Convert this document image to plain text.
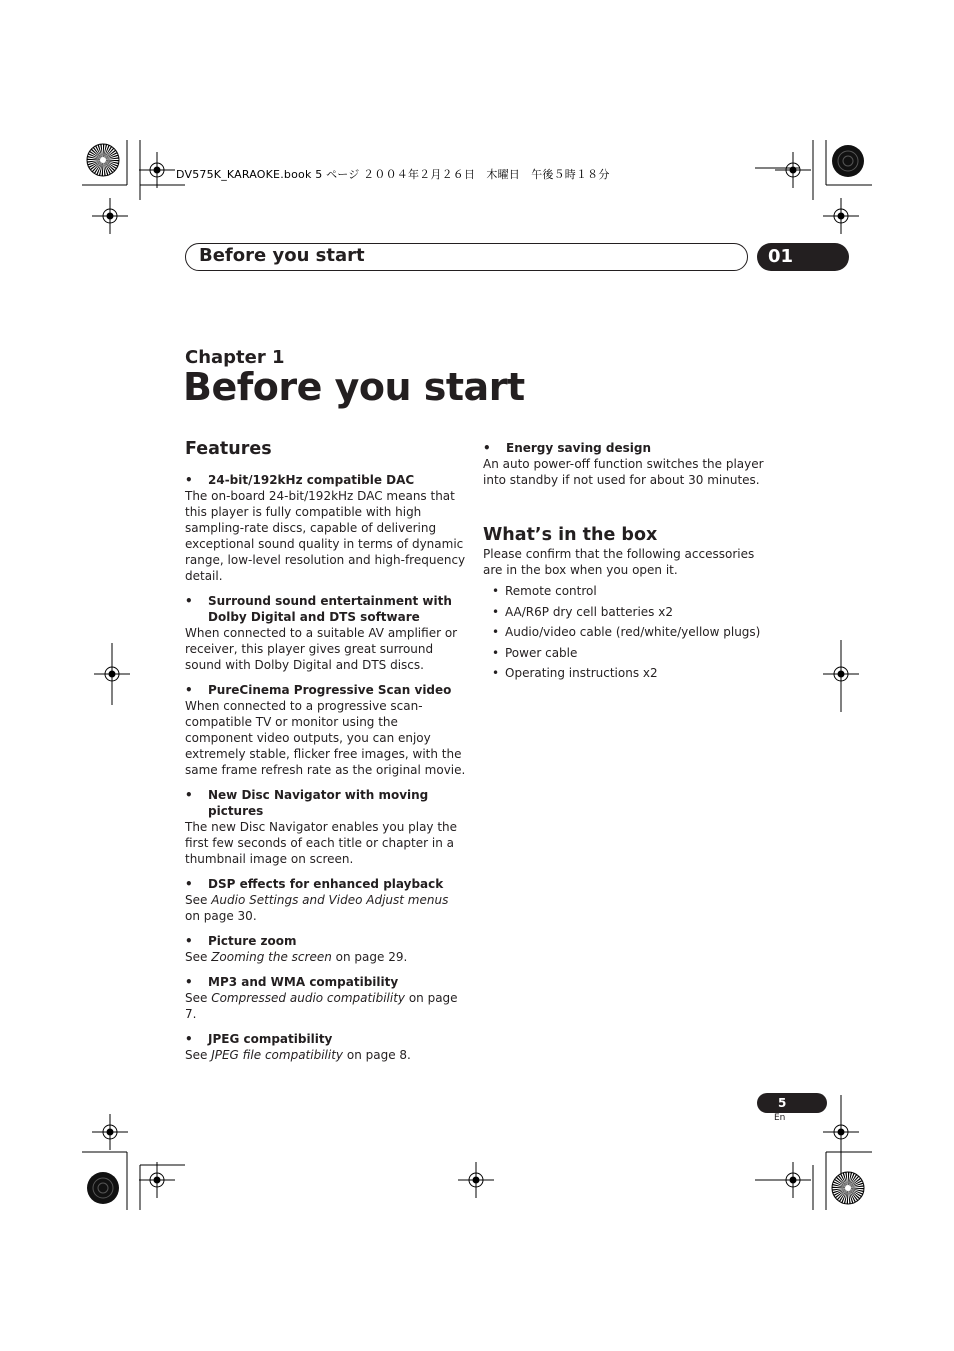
DV575K_KARAOKE.book 5 ページ ２００４年２月２６日　木曜日　午後５時１８分
Before you start	01
Chapter 1
Before you start
Features
• 24-bit/192kHz compatible DAC
The on-board 24-bit/192kHz DAC means that this player is fully compatible with high sampling-rate discs, capable of delivering exceptional sound quality in terms of dynamic range, low-level resolution and high-frequency detail.
• Surround sound entertainment with Dolby Digital and DTS software
When connected to a suitable AV amplifier or receiver, this player gives great surround sound with Dolby Digital and DTS discs.
• PureCinema Progressive Scan video
When connected to a progressive scan-compatible TV or monitor using the component video outputs, you can enjoy extremely stable, flicker free images, with the same frame refresh rate as the original movie.
• New Disc Navigator with moving pictures
The new Disc Navigator enables you play the first few seconds of each title or chapter in a thumbnail image on screen.
• DSP effects for enhanced playback
See Audio Settings and Video Adjust menus on page 30.
• Picture zoom
See Zooming the screen on page 29.
• MP3 and WMA compatibility
See Compressed audio compatibility on page 7.
• JPEG compatibility
See JPEG file compatibility on page 8.
• Energy saving design
An auto power-off function switches the player into standby if not used for about 30 minutes.
What’s in the box
Please confirm that the following accessories are in the box when you open it.
• Remote control
• AA/R6P dry cell batteries x2
• Audio/video cable (red/white/yellow plugs)
• Power cable
• Operating instructions x2
5
En
